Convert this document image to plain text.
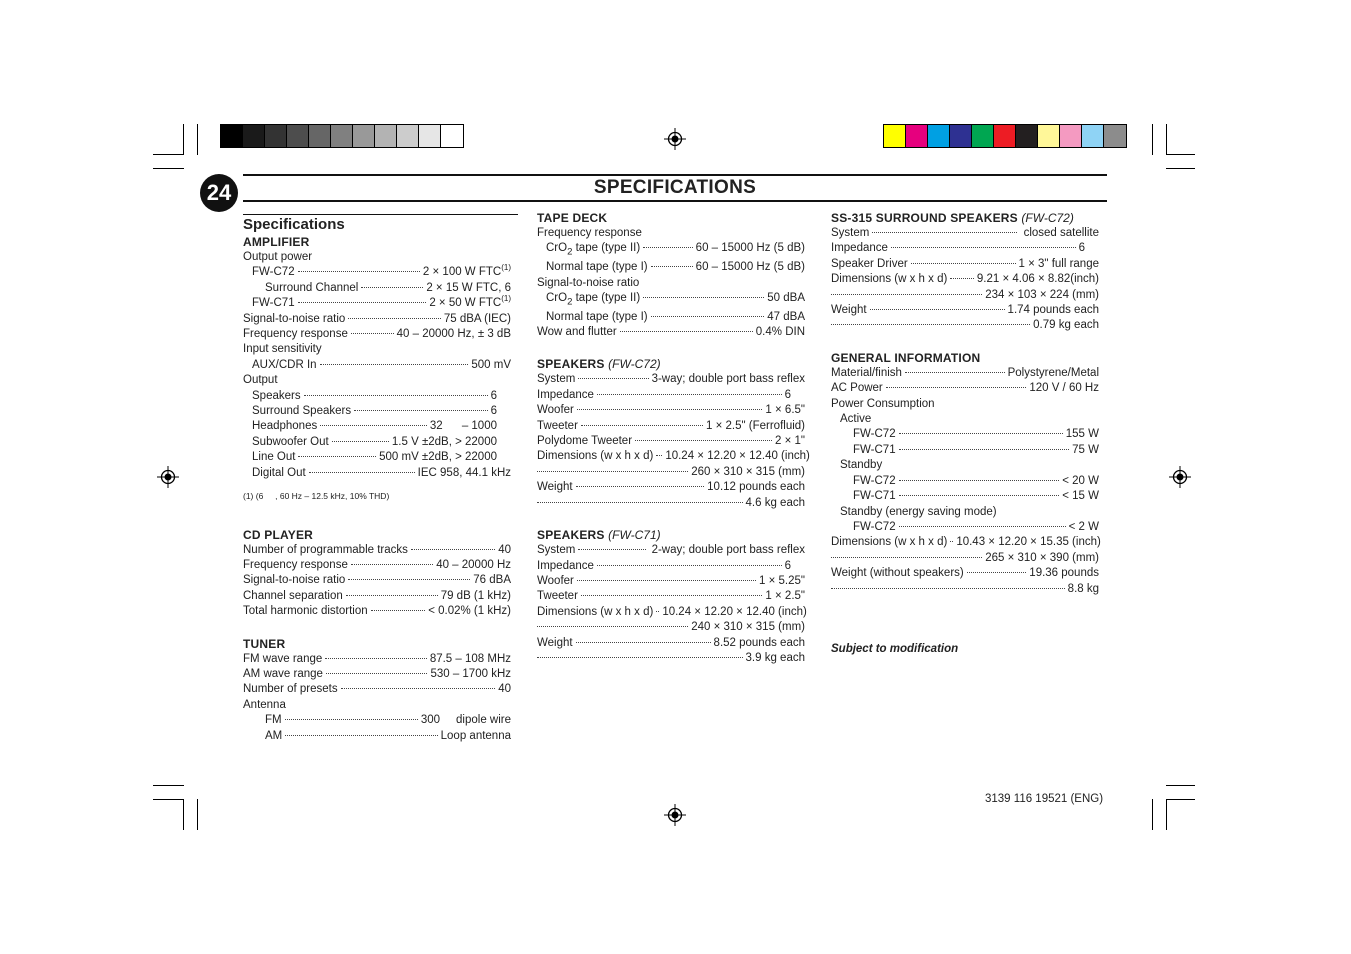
24	SPECIFICATIONS
Specifications
AMPLIFIER
Output power
FW-C72	2 × 100 W FTC$^{(1)}$
Surround Channel	2 × 15 W FTC, 6
FW-C71	2 × 50 W FTC$^{(1)}$
Signal-to-noise ratio	75 dBA (IEC)
Frequency response	40 – 20000 Hz, ± 3 dB
Input sensitivity
AUX/CDR In	500 mV
Output
Speakers	6
Surround Speakers	6
Headphones	32      – 1000
Subwoofer Out	1.5 V ±2dB, > 22000
Line Out	500 mV ±2dB, > 22000
Digital Out	IEC 958, 44.1 kHz
(1) (6     , 60 Hz – 12.5 kHz, 10% THD)
CD PLAYER
Number of programmable tracks	40
Frequency response	40 – 20000 Hz
Signal-to-noise ratio	76 dBA
Channel separation	79 dB (1 kHz)
Total harmonic distortion	< 0.02% (1 kHz)
TUNER
FM wave range	87.5 – 108 MHz
AM wave range	530 – 1700 kHz
Number of presets	40
Antenna
FM	300     dipole wire
AM	Loop antenna
TAPE DECK
Frequency response
CrO$_2$ tape (type II)	60 – 15000 Hz (5 dB)
Normal tape (type I)	60 – 15000 Hz (5 dB)
Signal-to-noise ratio
CrO$_2$ tape (type II)	50 dBA
Normal tape (type I)	47 dBA
Wow and flutter	0.4% DIN
SPEAKERS (FW-C72)
System	3-way; double port bass reflex
Impedance	6
Woofer	1 × 6.5"
Tweeter	1 × 2.5" (Ferrofluid)
Polydome Tweeter	2 × 1"
Dimensions (w x h x d) 10.24 × 12.20 × 12.40 (inch)
260 × 310 × 315 (mm)
Weight	10.12 pounds each
4.6 kg each
SPEAKERS (FW-C71)
System	2-way; double port bass reflex
Impedance	6
Woofer	1 × 5.25"
Tweeter	1 × 2.5"
Dimensions (w x h x d) 10.24 × 12.20 × 12.40 (inch)
240 × 310 × 315 (mm)
Weight	8.52 pounds each
3.9 kg each
SS-315 SURROUND SPEAKERS (FW-C72)
System	closed satellite
Impedance	6
Speaker Driver	1 × 3" full range
Dimensions (w x h x d)	9.21 × 4.06 × 8.82(inch)
234 × 103 × 224 (mm)
Weight	1.74 pounds each
0.79 kg each
GENERAL INFORMATION
Material/finish	Polystyrene/Metal
AC Power	120 V / 60 Hz
Power Consumption
Active
FW-C72	155 W
FW-C71	75 W
Standby
FW-C72	< 20 W
FW-C71	< 15 W
Standby (energy saving mode)
FW-C72	< 2 W
Dimensions (w x h x d) 10.43 × 12.20 × 15.35 (inch)
265 × 310 × 390 (mm)
Weight (without speakers)	19.36 pounds
8.8 kg
Subject to modification
3139 116 19521 (ENG)
